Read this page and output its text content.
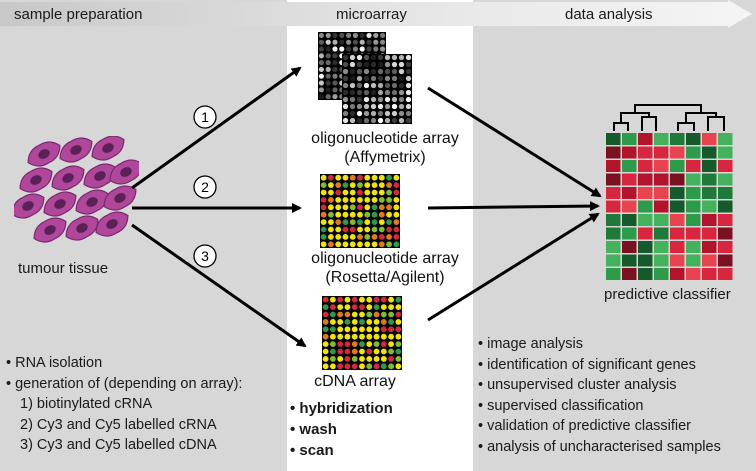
sample preparation	microarray	data analysis
tumour tissue
1
2
3
oligonucleotide array
(Affymetrix)
oligonucleotide array
(Rosetta/Agilent)
cDNA array
predictive classifier
• RNA isolation
• generation of (depending on array):
1) biotinylated cRNA
2) Cy3 and Cy5 labelled cRNA
3) Cy3 and Cy5 labelled cDNA
• hybridization
• wash
• scan
• image analysis
• identification of significant genes
• unsupervised cluster analysis
• supervised classification
• validation of predictive classifier
• analysis of uncharacterised samples
